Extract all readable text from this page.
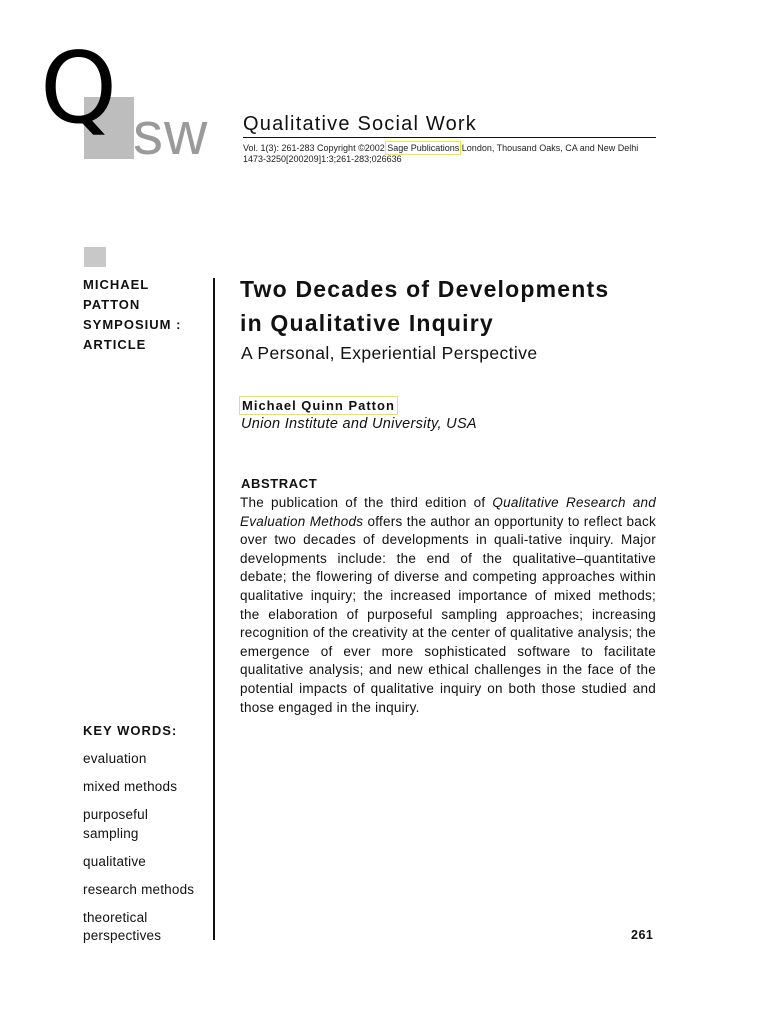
Q sw Qualitative Social Work
Vol. 1(3): 261-283 Copyright ©2002 Sage Publications London, Thousand Oaks, CA and New Delhi
1473-3250[200209]1:3;261-283;026636
MICHAEL
PATTON
SYMPOSIUM :
ARTICLE
Two Decades of Developments
in Qualitative Inquiry
A Personal, Experiential Perspective
Michael Quinn Patton
Union Institute and University, USA
ABSTRACT

The publication of the third edition of Qualitative Research and Evaluation Methods offers the author an opportunity to reflect back over two decades of developments in quali-tative inquiry. Major developments include: the end of the qualitative–quantitative debate; the flowering of diverse and competing approaches within qualitative inquiry; the increased importance of mixed methods; the elaboration of purposeful sampling approaches; increasing recognition of the creativity at the center of qualitative analysis; the emergence of ever more sophisticated software to facilitate qualitative analysis; and new ethical challenges in the face of the potential impacts of qualitative inquiry on both those studied and those engaged in the inquiry.

KEY WORDS:
evaluation
mixed methods
purposeful sampling
qualitative
research methods
theoretical perspectives	261
